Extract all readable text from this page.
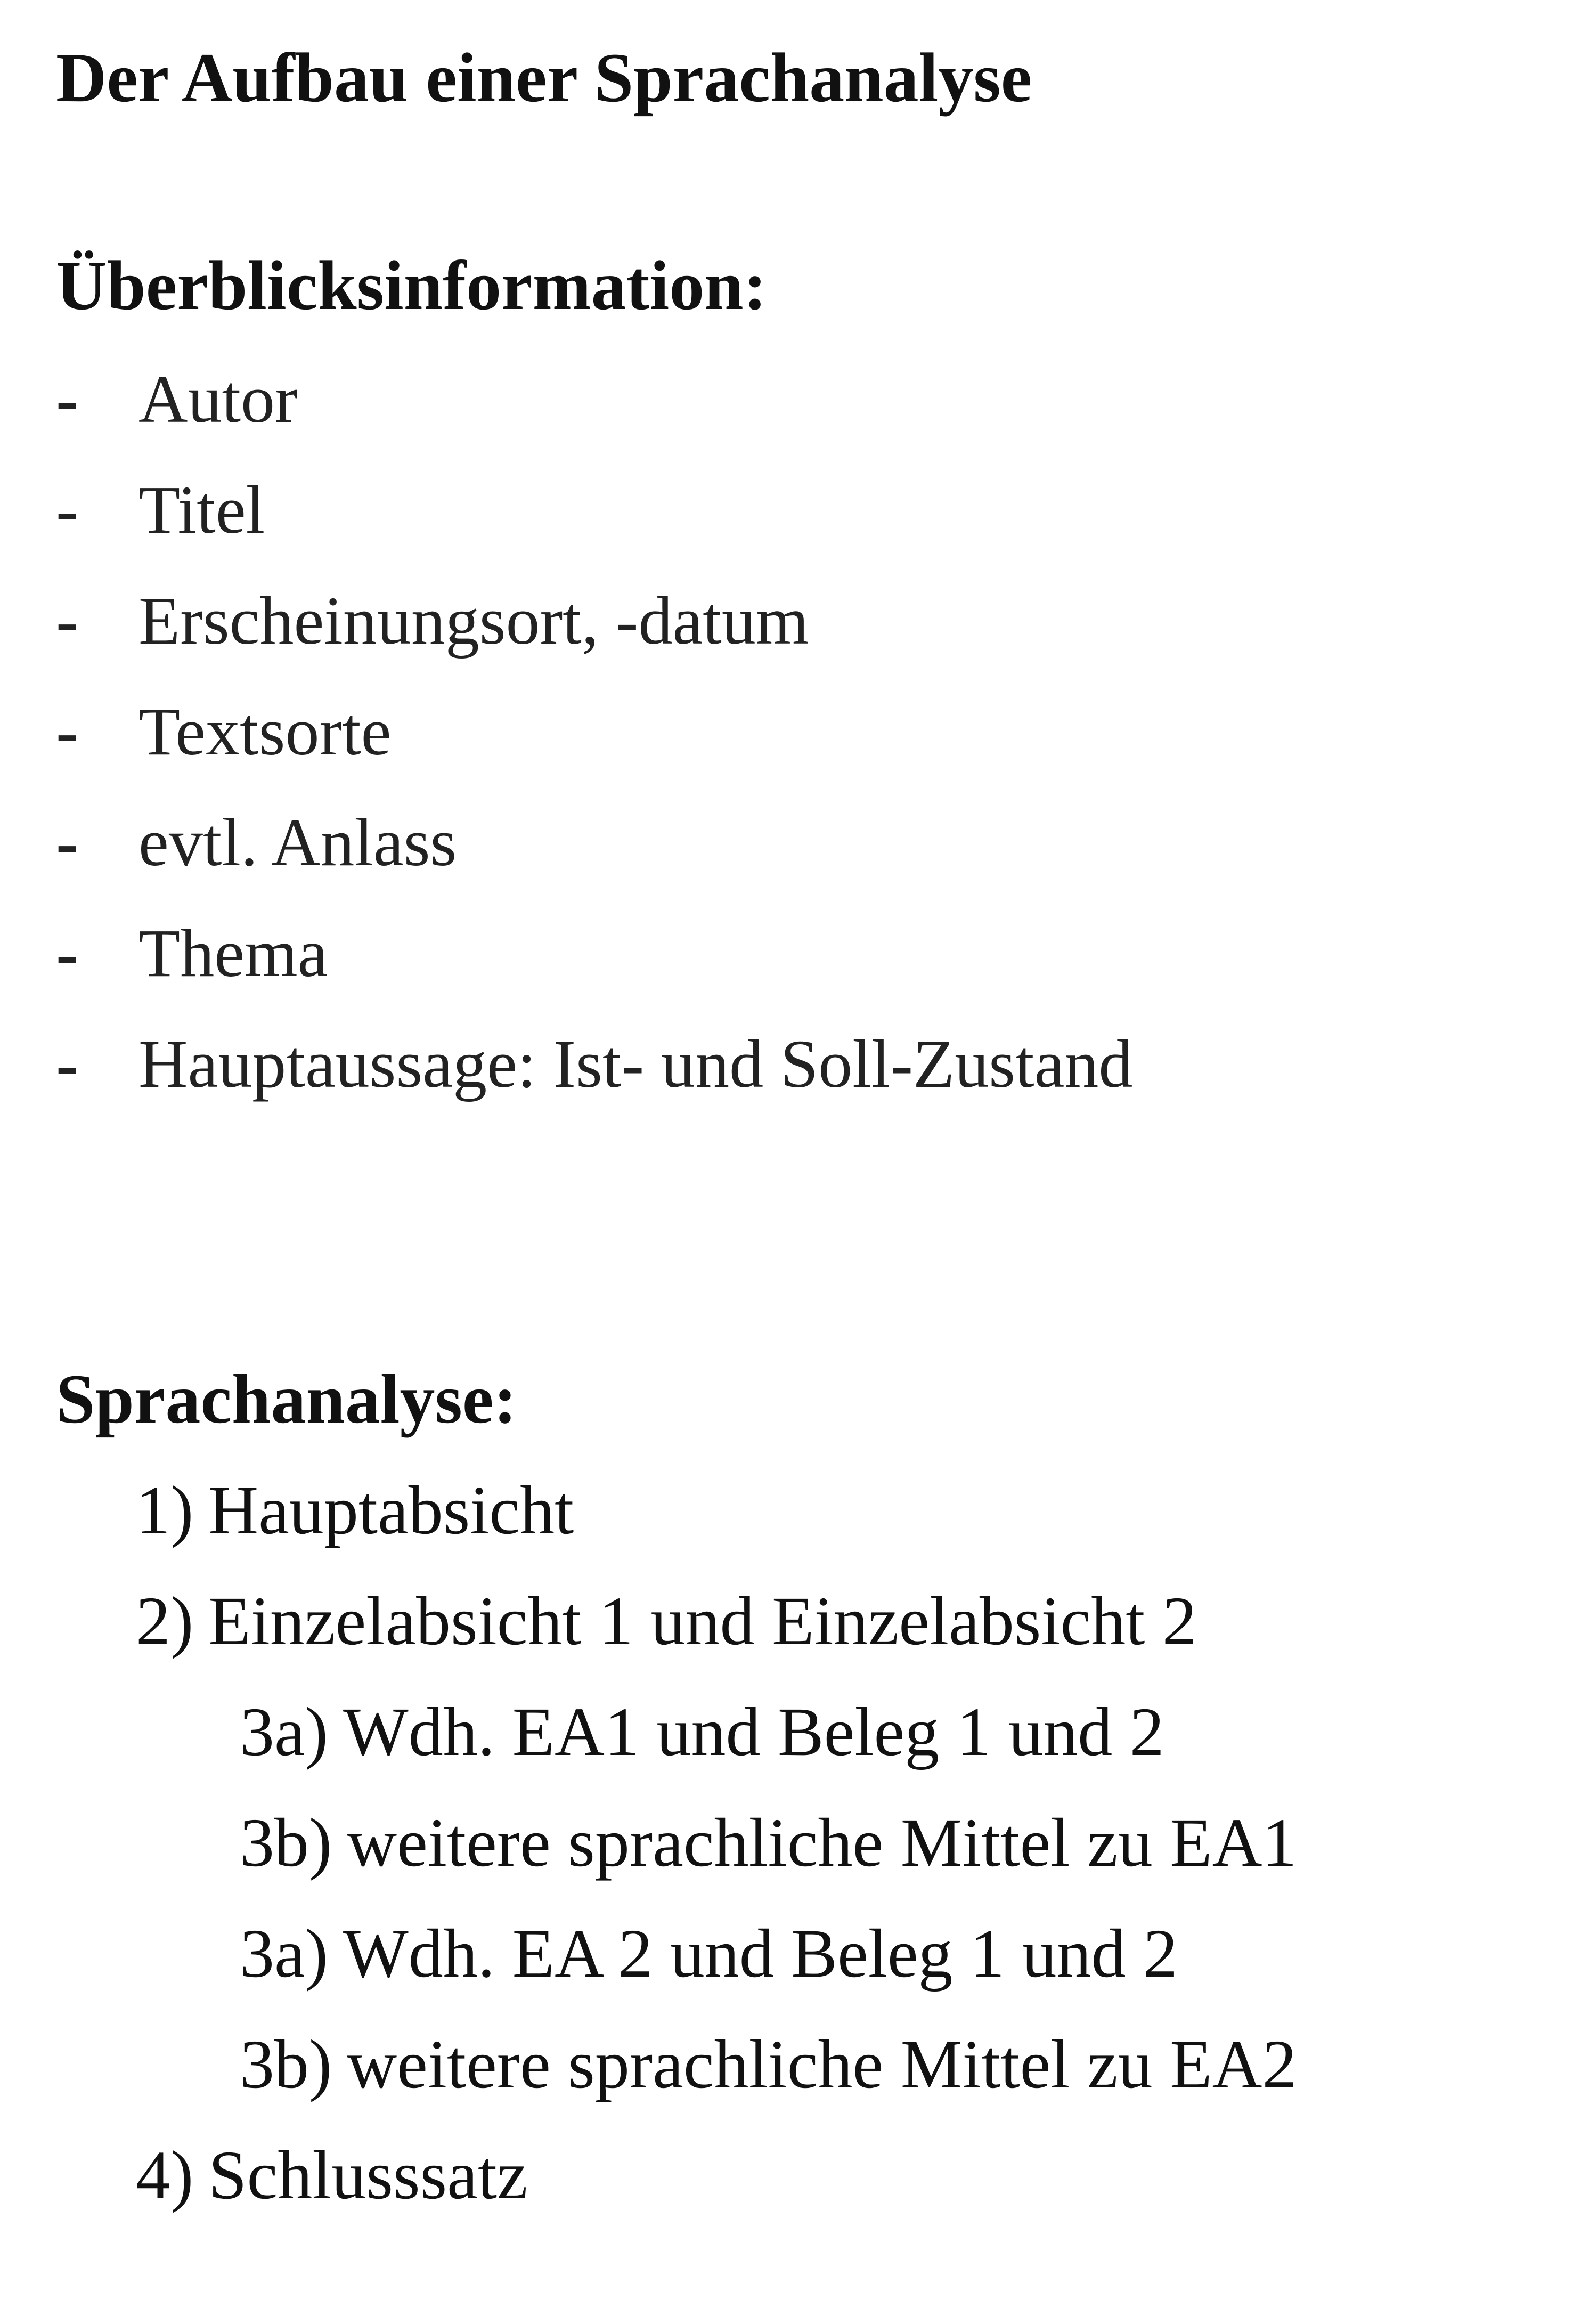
Der Aufbau einer Sprachanalyse
Überblicksinformation:
- Autor
- Titel
- Erscheinungsort, -datum
- Textsorte
- evtl. Anlass
- Thema
- Hauptaussage: Ist- und Soll-Zustand
Sprachanalyse:
1) Hauptabsicht
2) Einzelabsicht 1 und Einzelabsicht 2
3a) Wdh. EA1 und Beleg 1 und 2
3b) weitere sprachliche Mittel zu EA1
3a) Wdh. EA 2 und Beleg 1 und 2
3b) weitere sprachliche Mittel zu EA2
4) Schlusssatz
